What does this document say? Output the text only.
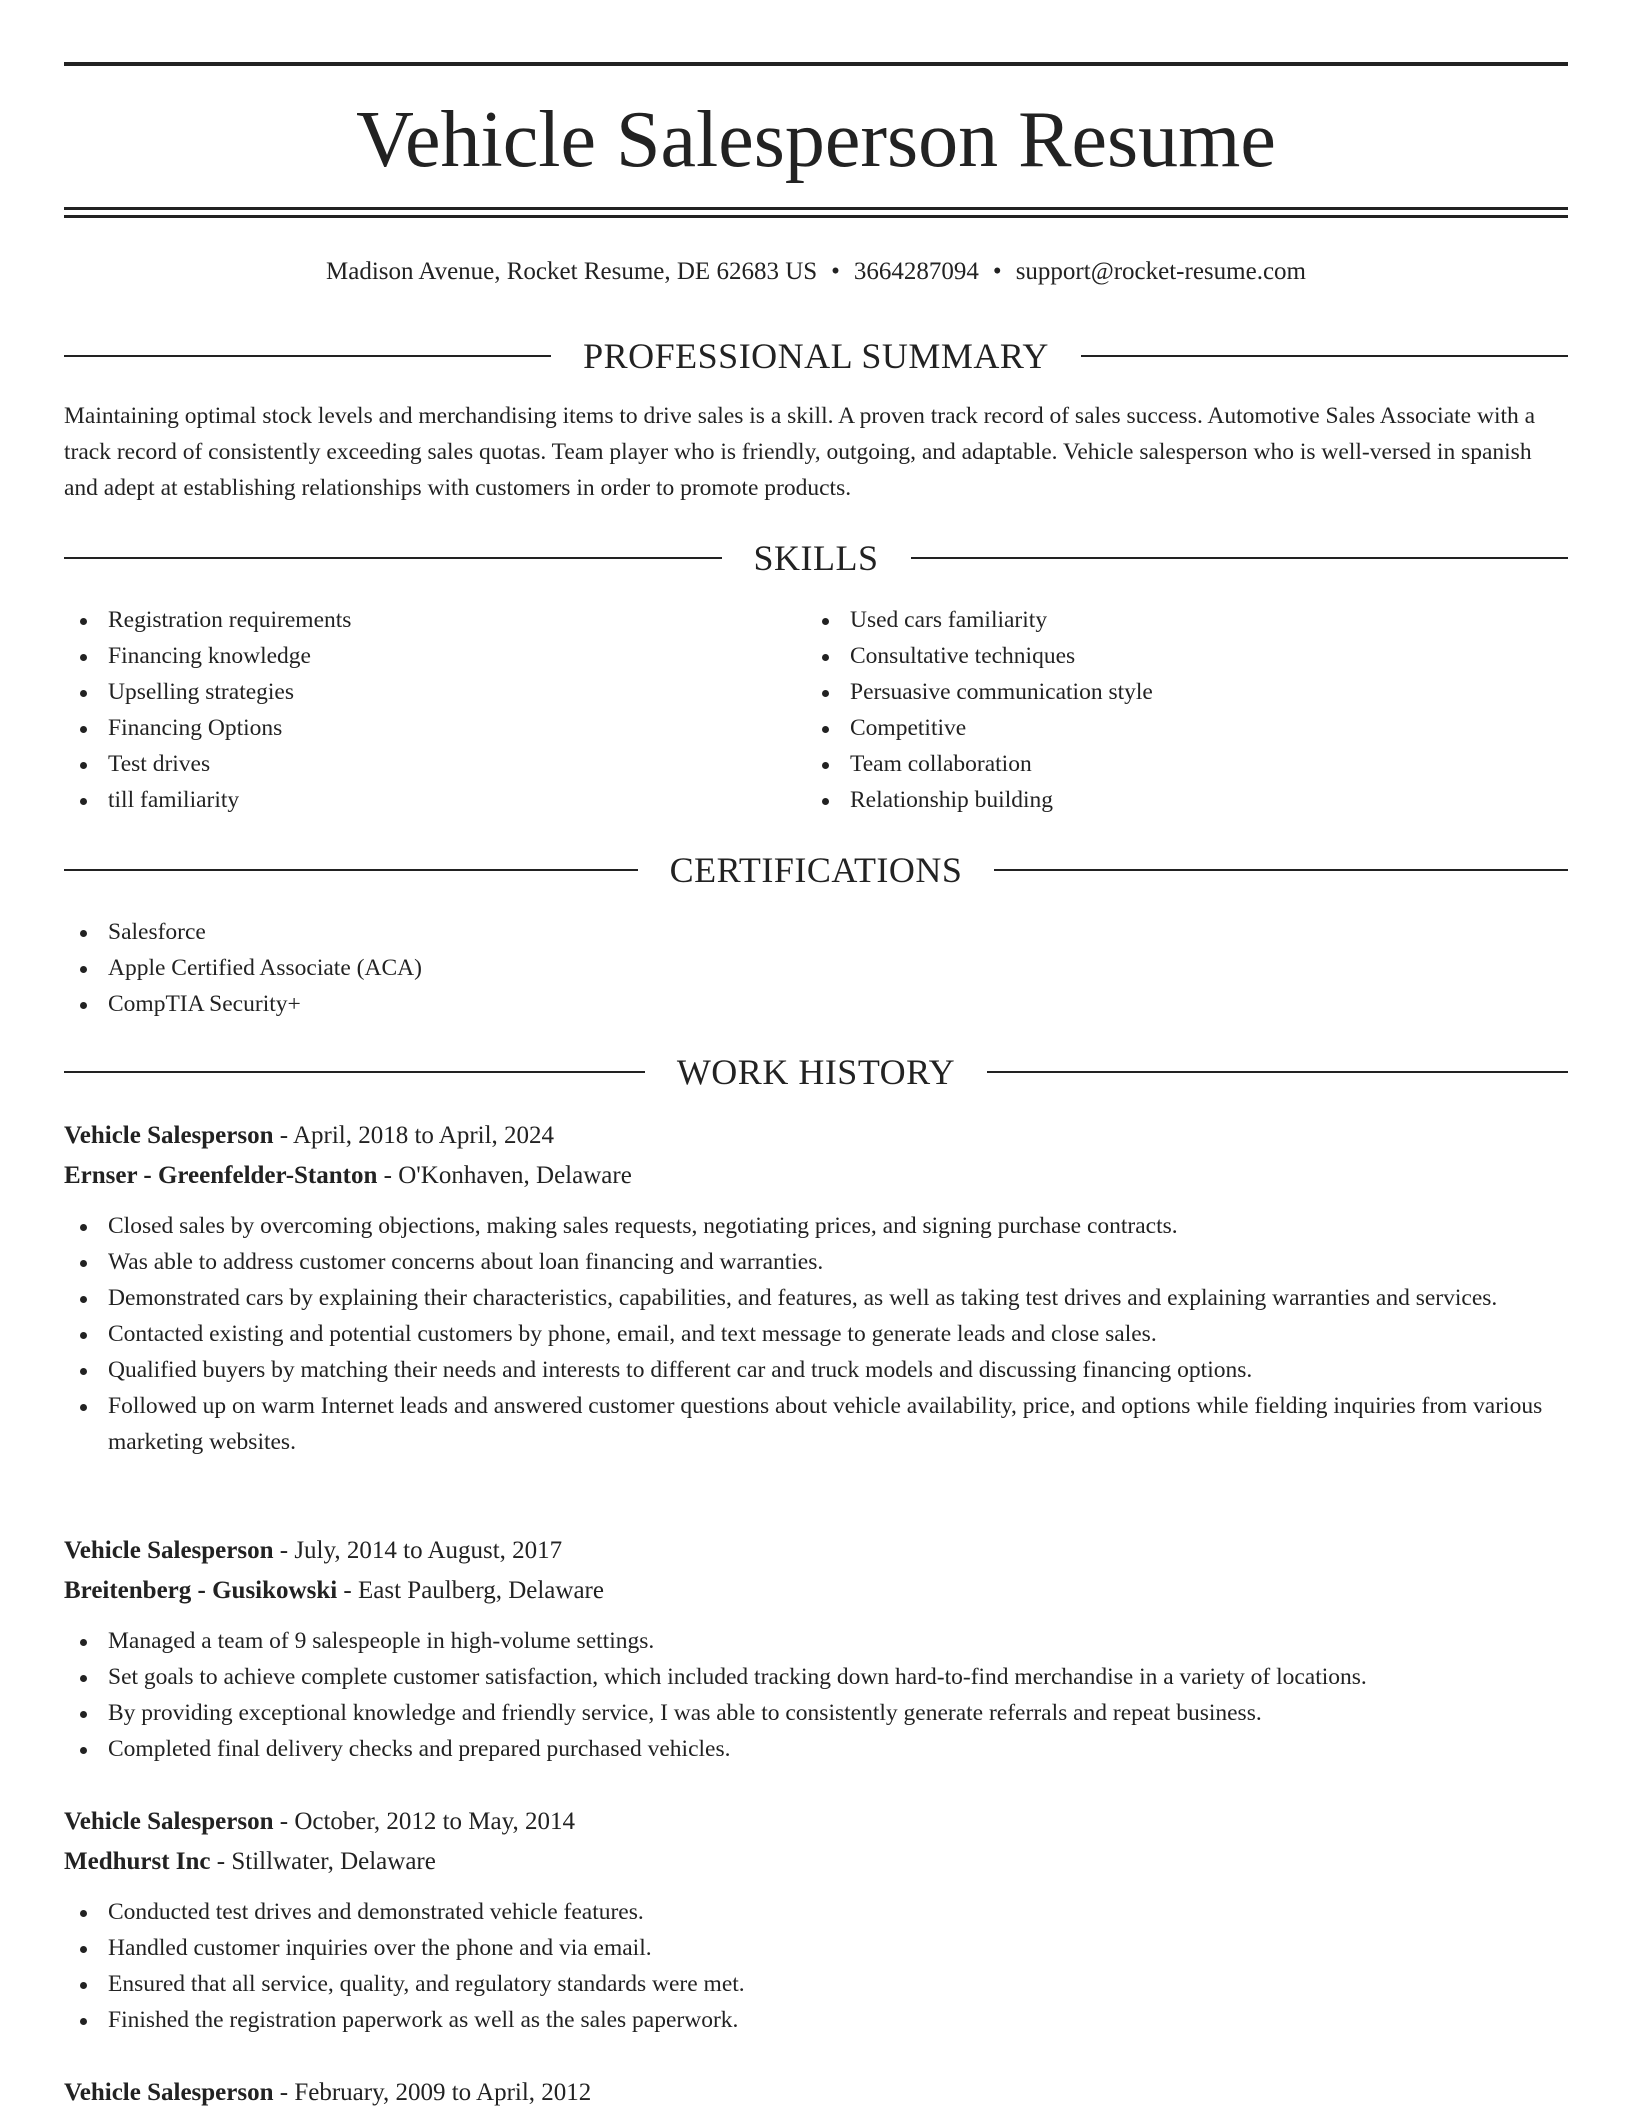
Vehicle Salesperson Resume
Madison Avenue, Rocket Resume, DE 62683 US • 3664287094 • support@rocket-resume.com
PROFESSIONAL SUMMARY

Maintaining optimal stock levels and merchandising items to drive sales is a skill. A proven track record of sales success. Automotive Sales Associate with a track record of consistently exceeding sales quotas. Team player who is friendly, outgoing, and adaptable. Vehicle salesperson who is well-versed in spanish and adept at establishing relationships with customers in order to promote products.

SKILLS
Registration requirements
Financing knowledge
Upselling strategies
Financing Options
Test drives
till familiarity
Used cars familiarity
Consultative techniques
Persuasive communication style
Competitive
Team collaboration
Relationship building
CERTIFICATIONS
Salesforce
Apple Certified Associate (ACA)
CompTIA Security+
WORK HISTORY
Vehicle Salesperson - April, 2018 to April, 2024
Ernser - Greenfelder-Stanton - O'Konhaven, Delaware
Closed sales by overcoming objections, making sales requests, negotiating prices, and signing purchase contracts.
Was able to address customer concerns about loan financing and warranties.
Demonstrated cars by explaining their characteristics, capabilities, and features, as well as taking test drives and explaining warranties and services.
Contacted existing and potential customers by phone, email, and text message to generate leads and close sales.
Qualified buyers by matching their needs and interests to different car and truck models and discussing financing options.
Followed up on warm Internet leads and answered customer questions about vehicle availability, price, and options while fielding inquiries from various marketing websites.
Vehicle Salesperson - July, 2014 to August, 2017
Breitenberg - Gusikowski - East Paulberg, Delaware
Managed a team of 9 salespeople in high-volume settings.
Set goals to achieve complete customer satisfaction, which included tracking down hard-to-find merchandise in a variety of locations.
By providing exceptional knowledge and friendly service, I was able to consistently generate referrals and repeat business.
Completed final delivery checks and prepared purchased vehicles.
Vehicle Salesperson - October, 2012 to May, 2014
Medhurst Inc - Stillwater, Delaware
Conducted test drives and demonstrated vehicle features.
Handled customer inquiries over the phone and via email.
Ensured that all service, quality, and regulatory standards were met.
Finished the registration paperwork as well as the sales paperwork.
Vehicle Salesperson - February, 2009 to April, 2012
